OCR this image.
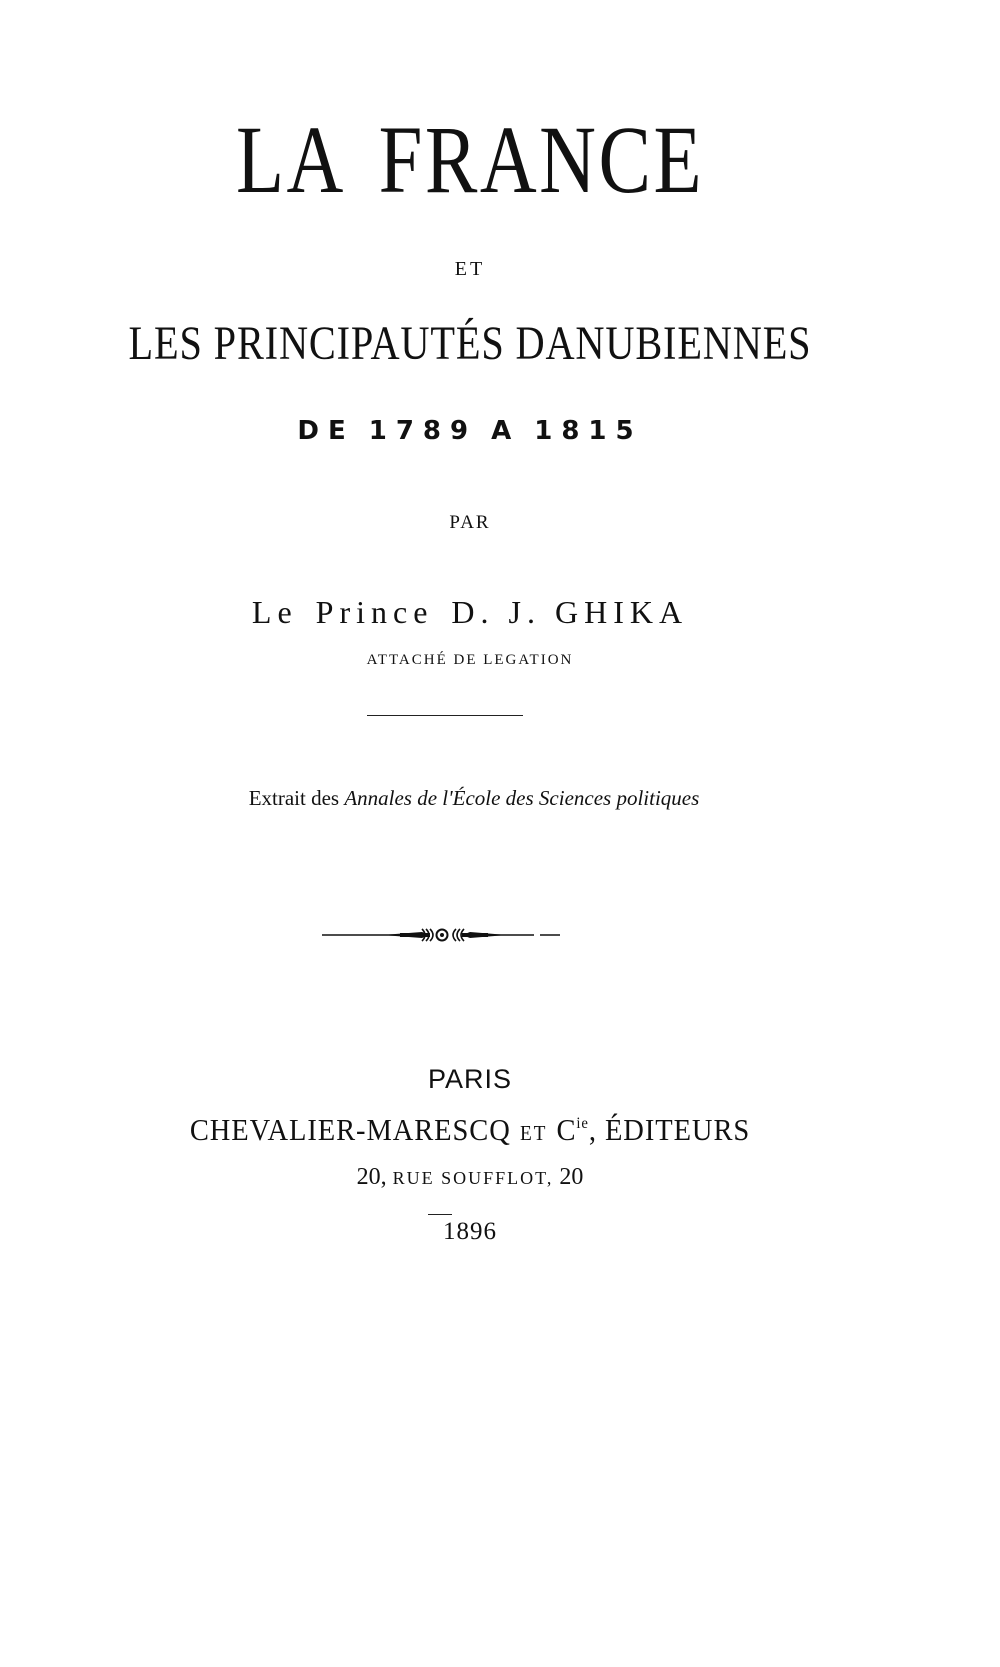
LA FRANCE
ET
LES PRINCIPAUTÉS DANUBIENNES
DE 1789 A 1815
PAR
Le Prince D. J. GHIKA
ATTACHÉ DE LEGATION
Extrait des Annales de l'École des Sciences politiques
PARIS
CHEVALIER-MARESCQ ET $C^{ie}$, ÉDITEURS
20, RUE SOUFFLOT, 20
1896
